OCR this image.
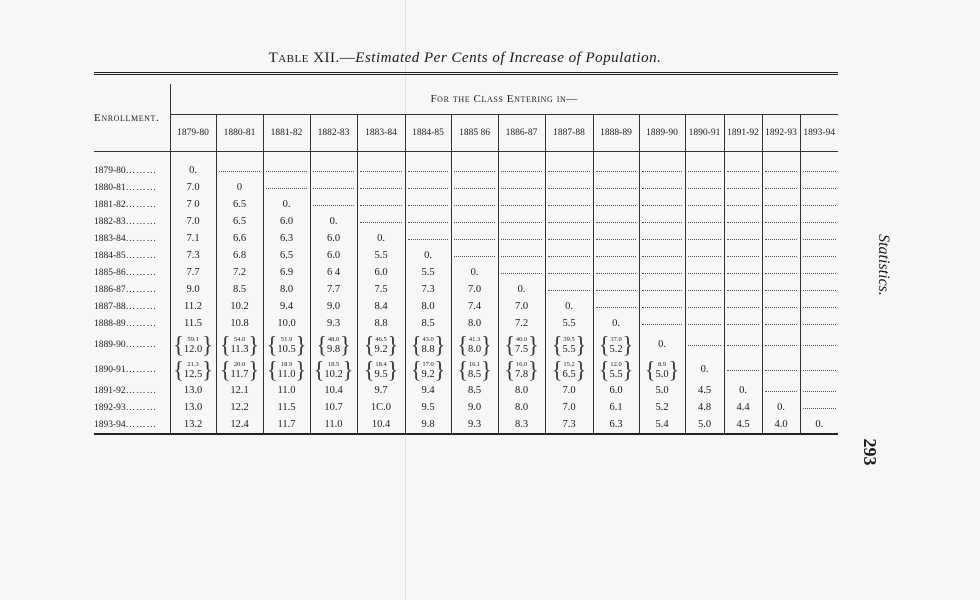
Table XII.—Estimated Per Cents of Increase of Population.
Statistics.
293

Enrollment.	For the Class Entering in—														
	1879-80	1880-81	1881-82	1882-83	1883-84	1884-85	1885 86	1886-87	1887-88	1888-89	1889-90	1890-91	1891-92	1892-93	1893-94

1879-80………	0.														
1880-81………	7.0	0													
1881-82………	7 0	6.5	0.												
1882-83………	7.0	6.5	6.0	0.											
1883-84………	7.1	6.6	6.3	6.0	0.										
1884-85………	7.3	6.8	6.5	6.0	5.5	0.									
1885-86………	7.7	7.2	6.9	6 4	6.0	5.5	0.								
1886-87………	9.0	8.5	8.0	7.7	7.5	7.3	7.0	0.							
1887-88………	11.2	10.2	9.4	9.0	8.4	8.0	7.4	7.0	0.						
1888-89………	11.5	10.8	10.0	9.3	8.8	8.5	8.0	7.2	5.5	0.					
1889-90………	{ 59.1
12.0 }	{ 54.0
11.3 }	{ 51.9
10.5 }	{ 48.0
9.8 }	{ 46.5
9.2 }	{ 43.0
8.8 }	{ 41.3
8.0 }	{ 40.0
7.5 }	{ 39.5
5.5 }	{ 37.0
5.2 }	0.				
1890-91………	{ 21.3
12.5 }	{ 20.0
11.7 }	{ 18.9
11.0 }	{ 18.5
10.2 }	{ 18.4
9.5 }	{ 17.0
9.2 }	{ 16.1
8.5 }	{ 16.0
7.8 }	{ 15.2
6.5 }	{ 12.0
5.5 }	{ 8.9
5.0 }	0.			
1891-92………	13.0	12.1	11.0	10.4	9.7	9.4	8.5	8.0	7.0	6.0	5.0	4.5	0.		
1892-93………	13.0	12.2	11.5	10.7	1C.0	9.5	9.0	8.0	7.0	6.1	5.2	4.8	4.4	0.	
1893-94………	13.2	12.4	11.7	11.0	10.4	9.8	9.3	8.3	7.3	6.3	5.4	5.0	4.5	4.0	0.
